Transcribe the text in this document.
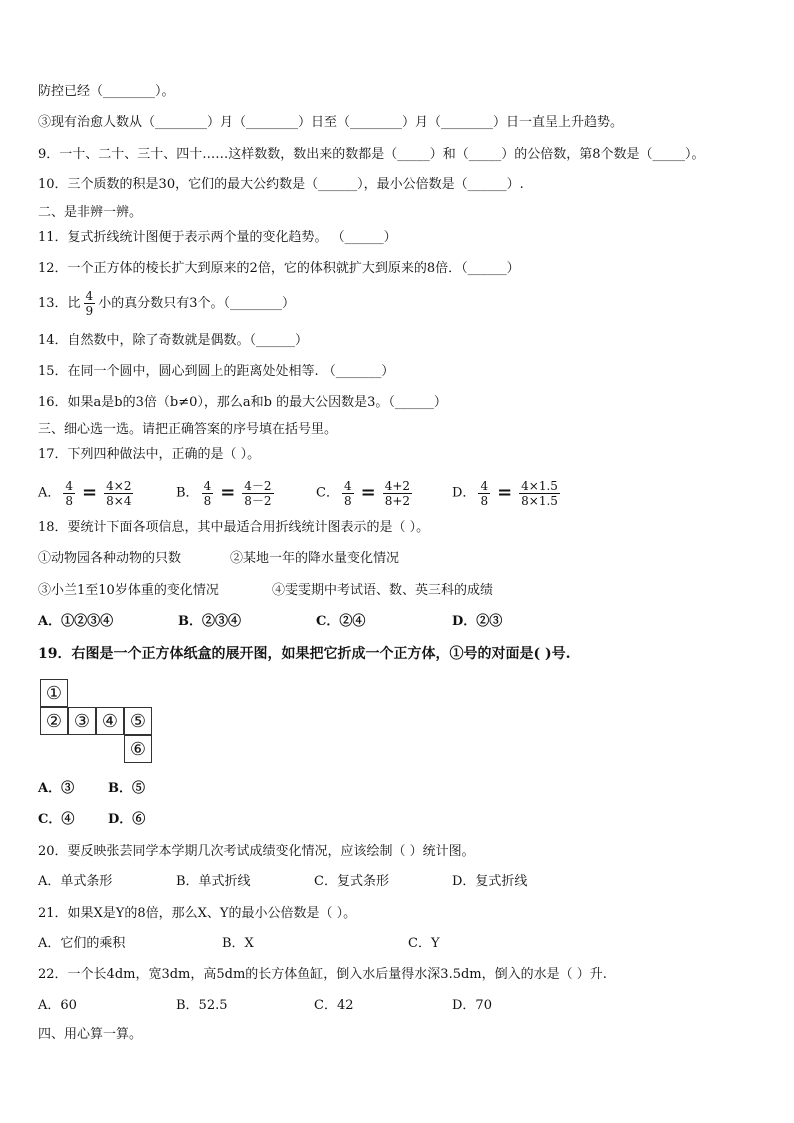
防控已经（________）。
③现有治愈人数从（________）月（________）日至（________）月（________）日一直呈上升趋势。
9．一十、二十、三十、四十……这样数数，数出来的数都是（_____）和（_____）的公倍数，第8个数是（_____）。
10．三个质数的积是30，它们的最大公约数是（______），最小公倍数是（______）.
二、是非辨一辨。
11．复式折线统计图便于表示两个量的变化趋势。 （______）
12．一个正方体的棱长扩大到原来的2倍，它的体积就扩大到原来的8倍．（______）
13．比 $\frac{4}{9}$ 小的真分数只有3个。（________）
14．自然数中，除了奇数就是偶数。（______）
15．在同一个圆中，圆心到圆上的距离处处相等. （_______）
16．如果a是b的3倍（b≠0），那么a和b 的最大公因数是3。（______）
三、细心选一选。请把正确答案的序号填在括号里。
17．下列四种做法中，正确的是（ ）。
A． $\frac{4}{8} = \frac{4\times 2}{8\times 4}$	B． $\frac{4}{8} = \frac{4-2}{8-2}$	C． $\frac{4}{8} = \frac{4+2}{8+2}$	D． $\frac{4}{8} = \frac{4\times 1.5}{8\times 1.5}$
18．要统计下面各项信息，其中最适合用折线统计图表示的是（ ）。
①动物园各种动物的只数	②某地一年的降水量变化情况
③小兰1至10岁体重的变化情况	④雯雯期中考试语、数、英三科的成绩
A．①②③④	B．②③④	C．②④	D．②③
19．右图是一个正方体纸盒的展开图，如果把它折成一个正方体，①号的对面是( )号.
①
② ③ ④ ⑤
⑥
A．③	B．⑤
C．④	D．⑥
20．要反映张芸同学本学期几次考试成绩变化情况，应该绘制（ ）统计图。
A．单式条形	B．单式折线	C．复式条形	D．复式折线
21．如果X是Y的8倍，那么X、Y的最小公倍数是（ ）。
A．它们的乘积	B．X	C．Y
22．一个长4dm，宽3dm，高5dm的长方体鱼缸，倒入水后量得水深3.5dm，倒入的水是（ ）升.
A．60	B．52.5	C．42	D．70
四、用心算一算。
